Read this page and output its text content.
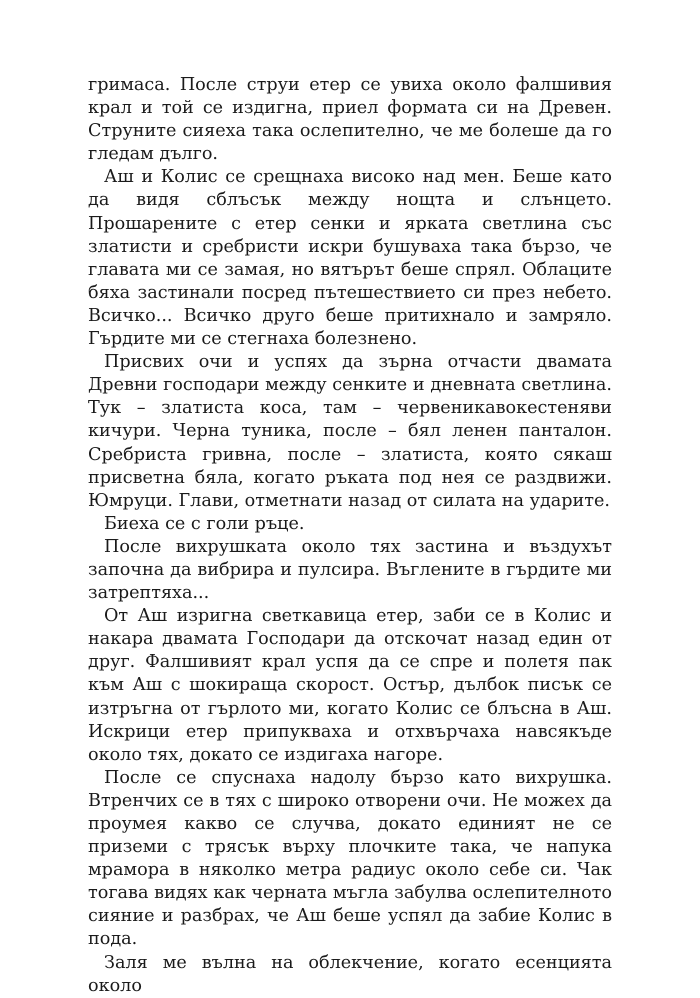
гримаса. После струи етер се увиха около фалшивия крал и той се издигна, приел формата си на Древен. Струните сияеха така ослепително, че ме болеше да го гледам дълго.

Аш и Колис се срещнаха високо над мен. Беше като да видя сблъсък между нощта и слънцето. Прошарените с етер сенки и ярката светлина със златисти и сребристи искри бушуваха така бързо, че главата ми се замая, но вятърът беше спрял. Облаците бяха застинали посред пътешествието си през небето. Всичко... Всичко друго беше притихнало и замряло. Гърдите ми се стегнаха болезнено.

Присвих очи и успях да зърна отчасти двамата Древни господари между сенките и дневната светлина. Тук – златиста коса, там – червеникавокестеняви кичури. Черна туника, после – бял ленен панталон. Сребриста гривна, после – златиста, която сякаш присветна бяла, когато ръката под нея се раздвижи. Юмруци. Глави, отметнати назад от силата на ударите.

Биеха се с голи ръце.

После вихрушката около тях застина и въздухът започна да вибрира и пулсира. Въглените в гърдите ми затрептяха...

От Аш изригна светкавица етер, заби се в Колис и накара двамата Господари да отскочат назад един от друг. Фалшивият крал успя да се спре и полетя пак към Аш с шокираща скорост. Остър, дълбок писък се изтръгна от гърлото ми, когато Колис се блъсна в Аш. Искрици етер припукваха и отхвърчаха навсякъде около тях, докато се издигаха нагоре.

После се спуснаха надолу бързо като вихрушка. Втренчих се в тях с широко отворени очи. Не можех да проумея какво се случва, докато единият не се приземи с трясък върху плочките така, че напука мрамора в няколко метра радиус около себе си. Чак тогава видях как черната мъгла забулва ослепителното сияние и разбрах, че Аш беше успял да забие Колис в пода.

Заля ме вълна на облекчение, когато есенцията около
